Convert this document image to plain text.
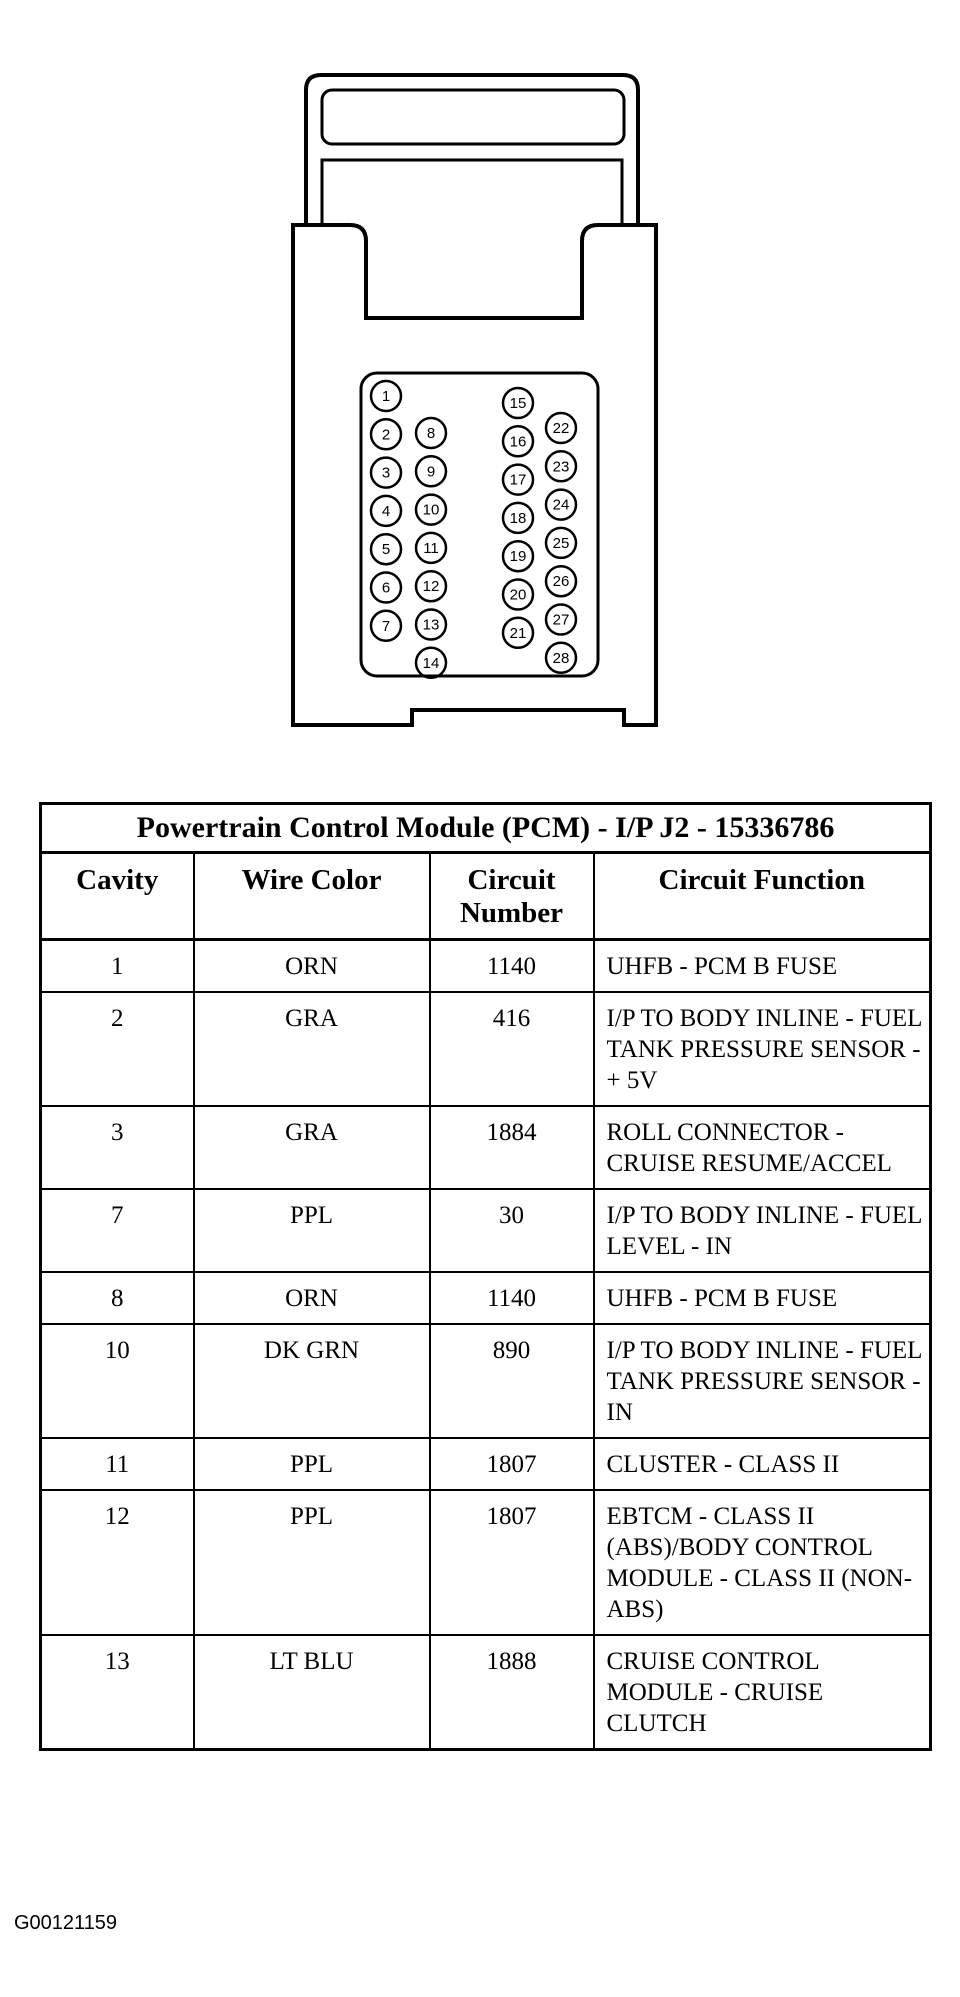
1
2
3
4
5
6
7
8
9
10
11
12
13
14
15
16
17
18
19
20
21
22
23
24
25
26
27
28
Powertrain Control Module (PCM) - I/P J2 - 15336786			
Cavity	Wire Color	Circuit Number	Circuit Function
1	ORN	1140	UHFB - PCM B FUSE
2	GRA	416	I/P TO BODY INLINE - FUEL TANK PRESSURE SENSOR - + 5V
3	GRA	1884	ROLL CONNECTOR - CRUISE RESUME/ACCEL
7	PPL	30	I/P TO BODY INLINE - FUEL LEVEL - IN
8	ORN	1140	UHFB - PCM B FUSE
10	DK GRN	890	I/P TO BODY INLINE - FUEL TANK PRESSURE SENSOR - IN
11	PPL	1807	CLUSTER - CLASS II
12	PPL	1807	EBTCM - CLASS II (ABS)/BODY CONTROL MODULE - CLASS II (NON-ABS)
13	LT BLU	1888	CRUISE CONTROL MODULE - CRUISE CLUTCH
G00121159
